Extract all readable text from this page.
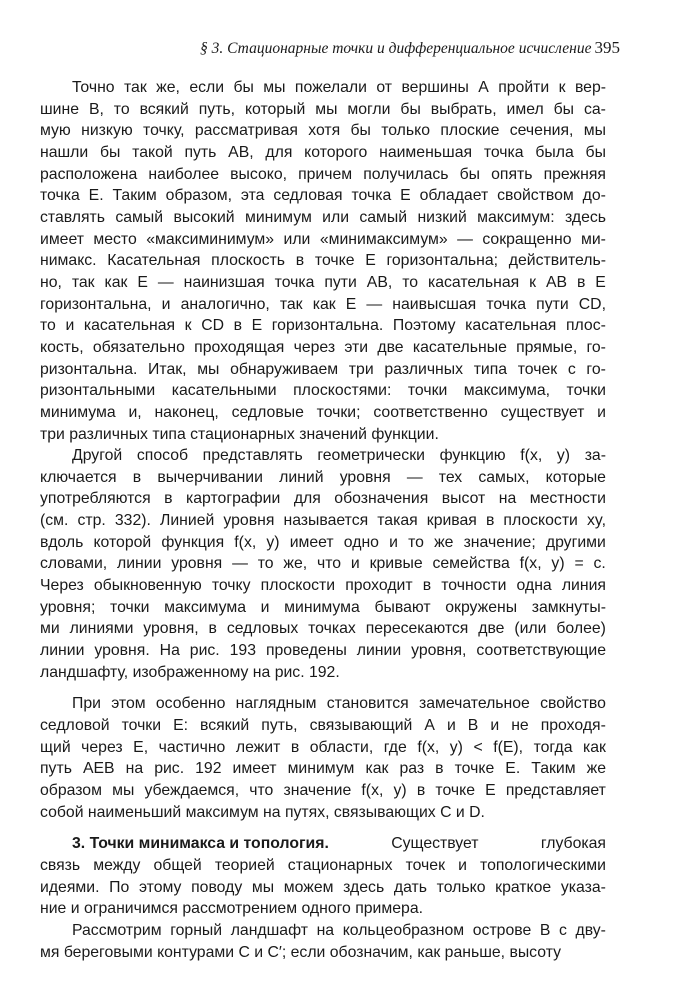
§ 3. Стационарные точки и дифференциальное исчисление 395
Точно так же, если бы мы пожелали от вершины A пройти к вер-
шине B, то всякий путь, который мы могли бы выбрать, имел бы са-
мую низкую точку, рассматривая хотя бы только плоские сечения, мы
нашли бы такой путь AB, для которого наименьшая точка была бы
расположена наиболее высоко, причем получилась бы опять прежняя
точка E. Таким образом, эта седловая точка E обладает свойством до-
ставлять самый высокий минимум или самый низкий максимум: здесь
имеет место «максиминимум» или «минимаксимум» — сокращенно ми-
нимакс. Касательная плоскость в точке E горизонтальна; действитель-
но, так как E — наинизшая точка пути AB, то касательная к AB в E
горизонтальна, и аналогично, так как E — наивысшая точка пути CD,
то и касательная к CD в E горизонтальна. Поэтому касательная плос-
кость, обязательно проходящая через эти две касательные прямые, го-
ризонтальна. Итак, мы обнаруживаем три различных типа точек с го-
ризонтальными касательными плоскостями: точки максимума, точки
минимума и, наконец, седловые точки; соответственно существует и
три различных типа стационарных значений функции.
Другой способ представлять геометрически функцию f(x, y) за-
ключается в вычерчивании линий уровня — тех самых, которые
употребляются в картографии для обозначения высот на местности
(см. стр. 332). Линией уровня называется такая кривая в плоскости xy,
вдоль которой функция f(x, y) имеет одно и то же значение; другими
словами, линии уровня — то же, что и кривые семейства f(x, y) = c.
Через обыкновенную точку плоскости проходит в точности одна линия
уровня; точки максимума и минимума бывают окружены замкнуты-
ми линиями уровня, в седловых точках пересекаются две (или более)
линии уровня. На рис. 193 проведены линии уровня, соответствующие
ландшафту, изображенному на рис. 192.
При этом особенно наглядным становится замечательное свойство
седловой точки E: всякий путь, связывающий A и B и не проходя-
щий через E, частично лежит в области, где f(x, y) < f(E), тогда как
путь AEB на рис. 192 имеет минимум как раз в точке E. Таким же
образом мы убеждаемся, что значение f(x, y) в точке E представляет
собой наименьший максимум на путях, связывающих C и D.
3. Точки минимакса и топология.	Существует	глубокая
связь между общей теорией стационарных точек и топологическими
идеями. По этому поводу мы можем здесь дать только краткое указа-
ние и ограничимся рассмотрением одного примера.
Рассмотрим горный ландшафт на кольцеобразном острове B с дву-
мя береговыми контурами C и C′; если обозначим, как раньше, высоту
